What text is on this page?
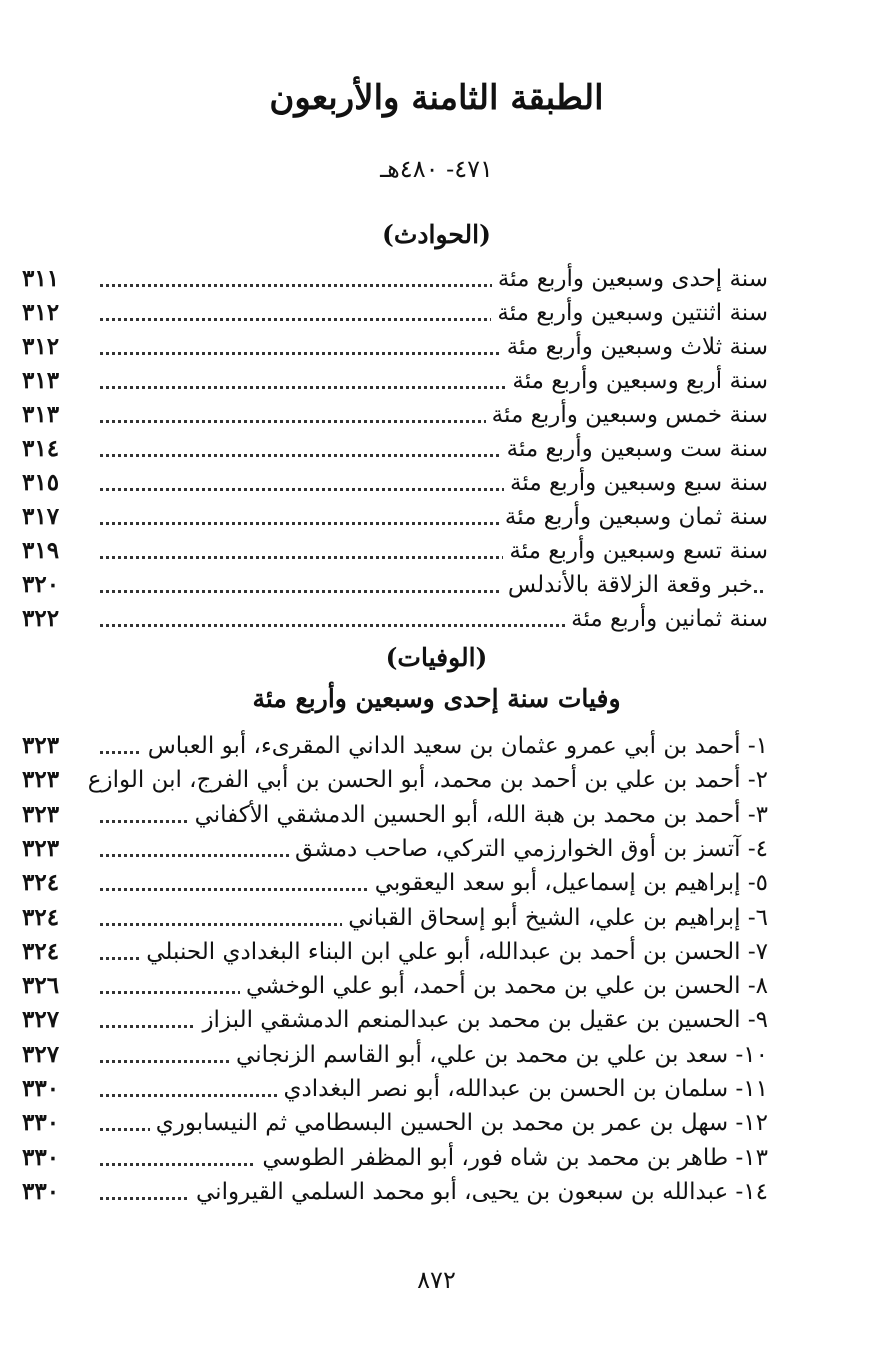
الطبقة الثامنة والأربعون
٤٧١- ٤٨٠هـ
(الحوادث)
سنة إحدى وسبعين وأربع مئة
٣١١
سنة اثنتين وسبعين وأربع مئة
٣١٢
سنة ثلاث وسبعين وأربع مئة
٣١٢
سنة أربع وسبعين وأربع مئة
٣١٣
سنة خمس وسبعين وأربع مئة
٣١٣
سنة ست وسبعين وأربع مئة
٣١٤
سنة سبع وسبعين وأربع مئة
٣١٥
سنة ثمان وسبعين وأربع مئة
٣١٧
سنة تسع وسبعين وأربع مئة
٣١٩
خبر وقعة الزلاقة بالأندلس
٣٢٠
سنة ثمانين وأربع مئة
٣٢٢
(الوفيات)
وفيات سنة إحدى وسبعين وأربع مئة
١- أحمد بن أبي عمرو عثمان بن سعيد الداني المقرىء، أبو العباس
٣٢٣
٢- أحمد بن علي بن أحمد بن محمد، أبو الحسن بن أبي الفرج، ابن الوازع
٣٢٣
٣- أحمد بن محمد بن هبة الله، أبو الحسين الدمشقي الأكفاني
٣٢٣
٤- آتسز بن أوق الخوارزمي التركي، صاحب دمشق
٣٢٣
٥- إبراهيم بن إسماعيل، أبو سعد اليعقوبي
٣٢٤
٦- إبراهيم بن علي، الشيخ أبو إسحاق القباني
٣٢٤
٧- الحسن بن أحمد بن عبدالله، أبو علي ابن البناء البغدادي الحنبلي
٣٢٤
٨- الحسن بن علي بن محمد بن أحمد، أبو علي الوخشي
٣٢٦
٩- الحسين بن عقيل بن محمد بن عبدالمنعم الدمشقي البزاز
٣٢٧
١٠- سعد بن علي بن محمد بن علي، أبو القاسم الزنجاني
٣٢٧
١١- سلمان بن الحسن بن عبدالله، أبو نصر البغدادي
٣٣٠
١٢- سهل بن عمر بن محمد بن الحسين البسطامي ثم النيسابوري
٣٣٠
١٣- طاهر بن محمد بن شاه فور، أبو المظفر الطوسي
٣٣٠
١٤- عبدالله بن سبعون بن يحيى، أبو محمد السلمي القيرواني
٣٣٠
٨٧٢
